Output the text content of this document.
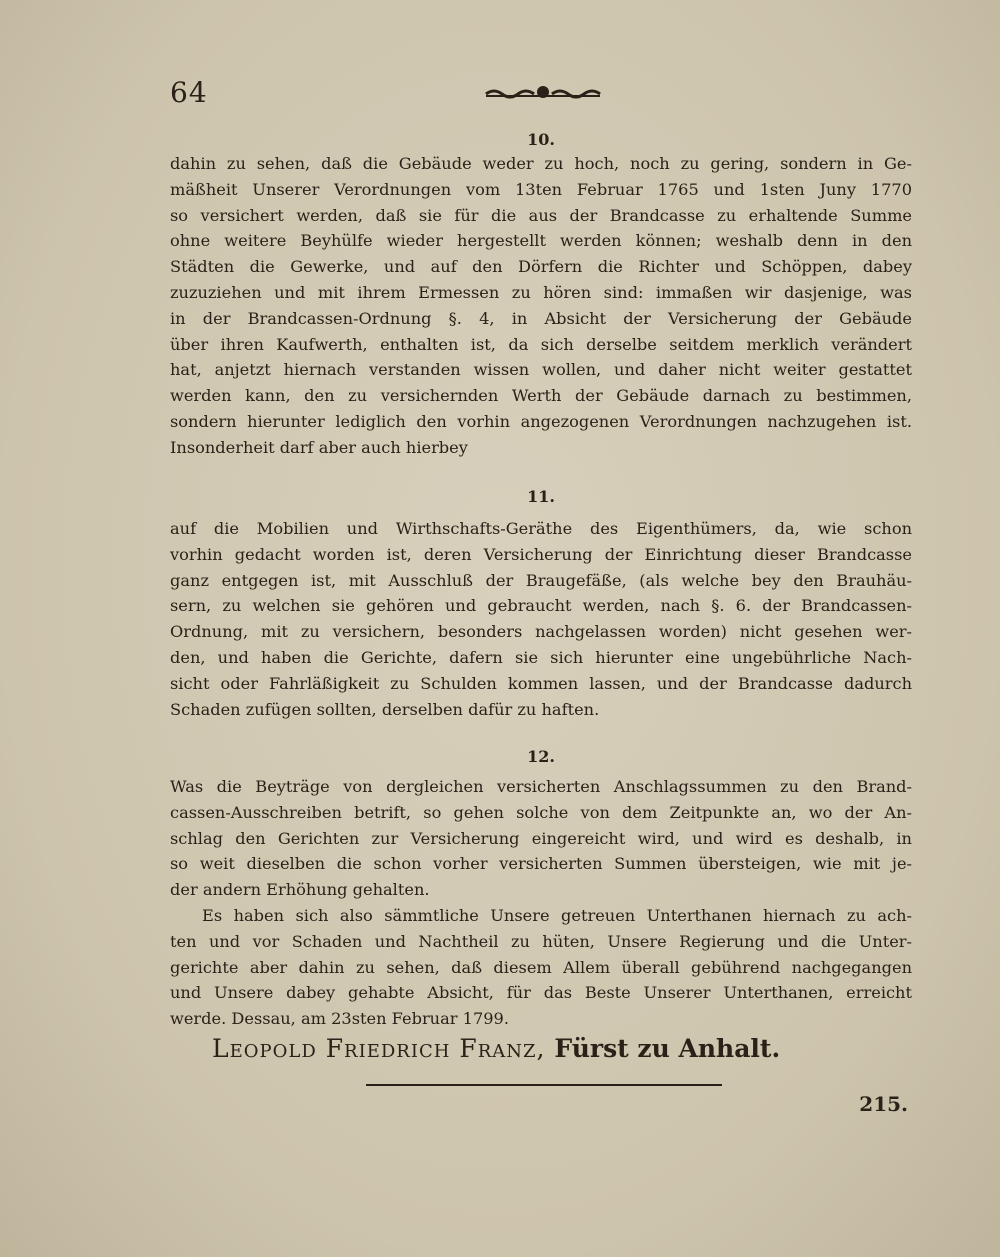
64
10.
dahin zu sehen, daß die Gebäude weder zu hoch, noch zu gering, sondern in Ge-
mäßheit Unserer Verordnungen vom 13ten Februar 1765 und 1sten Juny 1770
so versichert werden, daß sie für die aus der Brandcasse zu erhaltende Summe
ohne weitere Beyhülfe wieder hergestellt werden können; weshalb denn in den
Städten die Gewerke, und auf den Dörfern die Richter und Schöppen, dabey
zuzuziehen und mit ihrem Ermessen zu hören sind: immaßen wir dasjenige, was
in der Brandcassen-Ordnung §. 4, in Absicht der Versicherung der Gebäude
über ihren Kaufwerth, enthalten ist, da sich derselbe seitdem merklich verändert
hat, anjetzt hiernach verstanden wissen wollen, und daher nicht weiter gestattet
werden kann, den zu versichernden Werth der Gebäude darnach zu bestimmen,
sondern hierunter lediglich den vorhin angezogenen Verordnungen nachzugehen ist.
Insonderheit darf aber auch hierbey
11.
auf die Mobilien und Wirthschafts-Geräthe des Eigenthümers, da, wie schon
vorhin gedacht worden ist, deren Versicherung der Einrichtung dieser Brandcasse
ganz entgegen ist, mit Ausschluß der Braugefäße, (als welche bey den Brauhäu-
sern, zu welchen sie gehören und gebraucht werden, nach §. 6. der Brandcassen-
Ordnung, mit zu versichern, besonders nachgelassen worden) nicht gesehen wer-
den, und haben die Gerichte, dafern sie sich hierunter eine ungebührliche Nach-
sicht oder Fahrläßigkeit zu Schulden kommen lassen, und der Brandcasse dadurch
Schaden zufügen sollten, derselben dafür zu haften.
12.
Was die Beyträge von dergleichen versicherten Anschlagssummen zu den Brand-
cassen-Ausschreiben betrift, so gehen solche von dem Zeitpunkte an, wo der An-
schlag den Gerichten zur Versicherung eingereicht wird, und wird es deshalb, in
so weit dieselben die schon vorher versicherten Summen übersteigen, wie mit je-
der andern Erhöhung gehalten.
Es haben sich also sämmtliche Unsere getreuen Unterthanen hiernach zu ach-
ten und vor Schaden und Nachtheil zu hüten, Unsere Regierung und die Unter-
gerichte aber dahin zu sehen, daß diesem Allem überall gebührend nachgegangen
und Unsere dabey gehabte Absicht, für das Beste Unserer Unterthanen, erreicht
werde. Dessau, am 23sten Februar 1799.
Leopold Friedrich Franz, Fürst zu Anhalt.
215.
